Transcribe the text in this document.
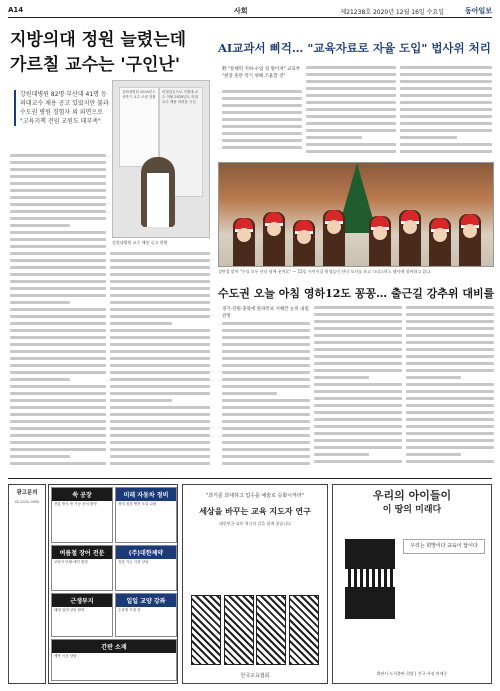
A14	사회	제21238호 2020년 12월 16일 수요일	동아일보
지방의대 정원 늘렸는데
가르칠 교수는 '구인난'
강원대병원 82명·부산대 41명 등 의대교수 채용 공고 있었지만 불과 수도권 병원 경험자 외 외면으로 "고육지책 전임 교원도 태부족"
강원대병원 2025년도 상반기 교수 모집 현황
의정갈등으로 지방대 교수 이탈 2025년도 의대교수 채용 어려움 극심
강원대병원 교수 채용 공고 현황
AI교과서 삐걱… "교육자료로 자율 도입" 법사위 처리
野 "문해력 저하·수업 질 떨어져" 교육부 "현장 혼란 막기 위해 조율할 것"
성탄절 맞아 "우리 모두 산타 함께 웃어요" — 15일 어린이집 원생들이 산타 모자를 쓰고 크리스마스 행사에 참여하고 있다.
수도권 오늘 아침 영하12도 꽁꽁… 출근길 강추위 대비를
경기·강원·충북에 한파특보 서해안 눈비 내릴 전망
광고문의
02-2020-0000
쑥 공장
전통 방식 쑥 가공 문의 환영
미래 자동차 정비
정비 점검 엔진 오일 교환
여름철 장어 전문
보양식 단체 예약 환영
(주)대한제약
건강 기능 식품 상담
근생부지
매매 임대 상담 환영
일일 교양 강좌
수강생 모집 중
간판 소재
제작 시공 상담
"과거를 과대하고 업수를 예술로 승화시켜라"
세상을 바꾸는 교육 지도자 연구
대한민국 교육 혁신의 길을 함께 찾습니다
한국교육협회
우리의 아이들이
이 땅의 미래다
우리는 희망이다 교육이 답이다
출판사 도서출판 희망 | 전국 서점 판매중
